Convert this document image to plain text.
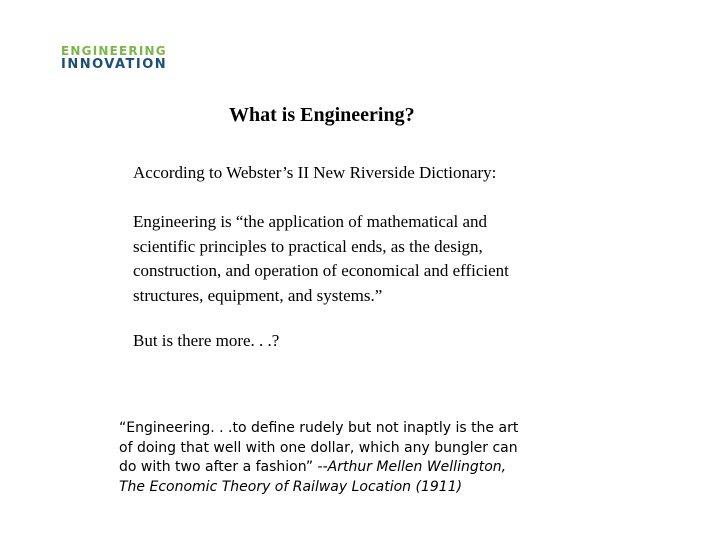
ENGINEERING
INNOVATION
What is Engineering?
According to Webster’s II New Riverside Dictionary:
Engineering is “the application of mathematical and
scientific principles to practical ends, as the design,
construction, and operation of economical and efficient
structures, equipment, and systems.”
But is there more. . .?
“Engineering. . .to define rudely but not inaptly is the art
of doing that well with one dollar, which any bungler can
do with two after a fashion” --Arthur Mellen Wellington,
The Economic Theory of Railway Location (1911)
